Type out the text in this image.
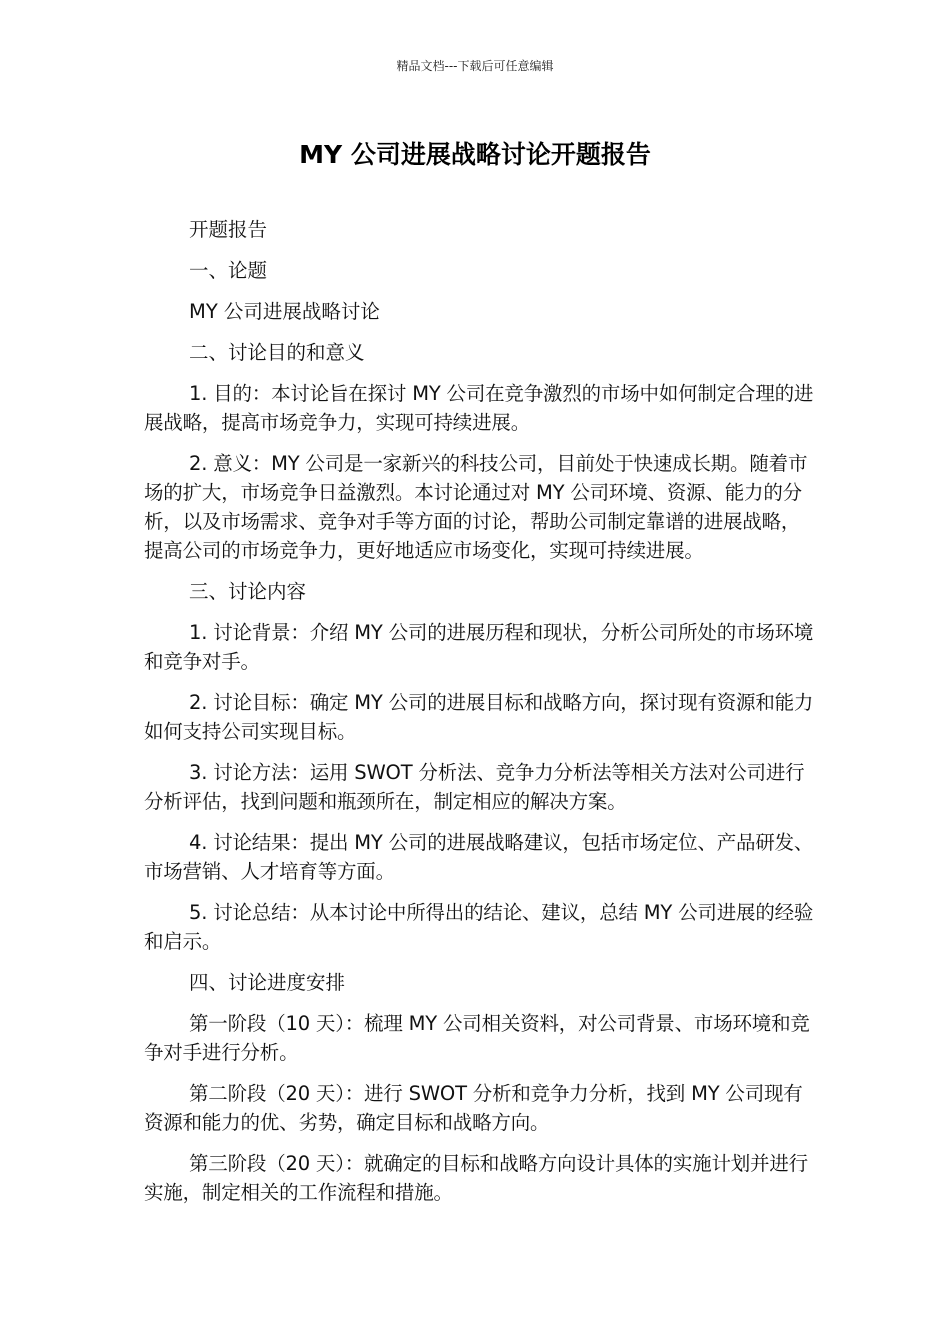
精品文档---下载后可任意编辑
MY 公司进展战略讨论开题报告

开题报告

一、论题

MY 公司进展战略讨论

二、讨论目的和意义

1. 目的：本讨论旨在探讨 MY 公司在竞争激烈的市场中如何制定合理的进展战略，提高市场竞争力，实现可持续进展。

2. 意义：MY 公司是一家新兴的科技公司，目前处于快速成长期。随着市场的扩大，市场竞争日益激烈。本讨论通过对 MY 公司环境、资源、能力的分析，以及市场需求、竞争对手等方面的讨论，帮助公司制定靠谱的进展战略，提高公司的市场竞争力，更好地适应市场变化，实现可持续进展。

三、讨论内容

1. 讨论背景：介绍 MY 公司的进展历程和现状，分析公司所处的市场环境和竞争对手。

2. 讨论目标：确定 MY 公司的进展目标和战略方向，探讨现有资源和能力如何支持公司实现目标。

3. 讨论方法：运用 SWOT 分析法、竞争力分析法等相关方法对公司进行分析评估，找到问题和瓶颈所在，制定相应的解决方案。

4. 讨论结果：提出 MY 公司的进展战略建议，包括市场定位、产品研发、市场营销、人才培育等方面。

5. 讨论总结：从本讨论中所得出的结论、建议，总结 MY 公司进展的经验和启示。

四、讨论进度安排

第一阶段（10 天）：梳理 MY 公司相关资料，对公司背景、市场环境和竞争对手进行分析。

第二阶段（20 天）：进行 SWOT 分析和竞争力分析，找到 MY 公司现有资源和能力的优、劣势，确定目标和战略方向。

第三阶段（20 天）：就确定的目标和战略方向设计具体的实施计划并进行实施，制定相关的工作流程和措施。
